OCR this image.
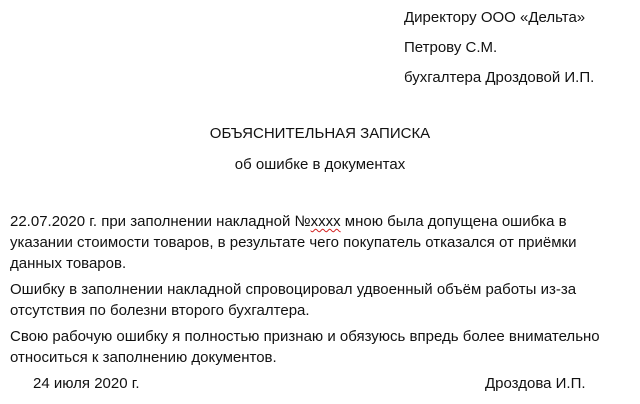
Директору ООО «Дельта»
Петрову С.М.
бухгалтера Дроздовой И.П.
ОБЪЯСНИТЕЛЬНАЯ ЗАПИСКА
об ошибке в документах
22.07.2020 г. при заполнении накладной №хххх мною была допущена ошибка в указании стоимости товаров, в результате чего покупатель отказался от приёмки данных товаров.
Ошибку в заполнении накладной спровоцировал удвоенный объём работы из-за отсутствия по болезни второго бухгалтера.
Свою рабочую ошибку я полностью признаю и обязуюсь впредь более внимательно относиться к заполнению документов.
24 июля 2020 г.	Дроздова И.П.
